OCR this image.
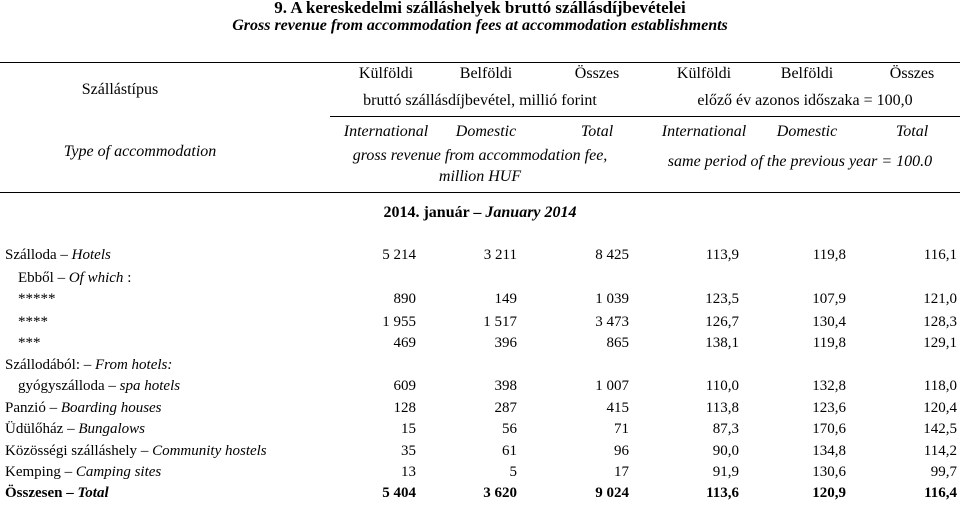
9. A kereskedelmi szálláshelyek bruttó szállásdíjbevételei
Gross revenue from accommodation fees at accommodation establishments
Szállástípus
Type of accommodation
Külföldi	Belföldi	Összes	Külföldi	Belföldi	Összes
bruttó szállásdíjbevétel, millió forint	előző év azonos időszaka = 100,0
International	Domestic	Total	International	Domestic	Total
gross revenue from accommodation fee, million HUF
same period of the previous year = 100.0
2014. január – January 2014
Szálloda – Hotels	5 214	3 211	8 425	113,9	119,8	116,1
Ebből – Of which :
*****	890	149	1 039	123,5	107,9	121,0
****	1 955	1 517	3 473	126,7	130,4	128,3
***	469	396	865	138,1	119,8	129,1
Szállodából: – From hotels:
gyógyszálloda – spa hotels	609	398	1 007	110,0	132,8	118,0
Panzió – Boarding houses	128	287	415	113,8	123,6	120,4
Üdülőház – Bungalows	15	56	71	87,3	170,6	142,5
Közösségi szálláshely – Community hostels	35	61	96	90,0	134,8	114,2
Kemping – Camping sites	13	5	17	91,9	130,6	99,7
Összesen – Total	5 404	3 620	9 024	113,6	120,9	116,4
